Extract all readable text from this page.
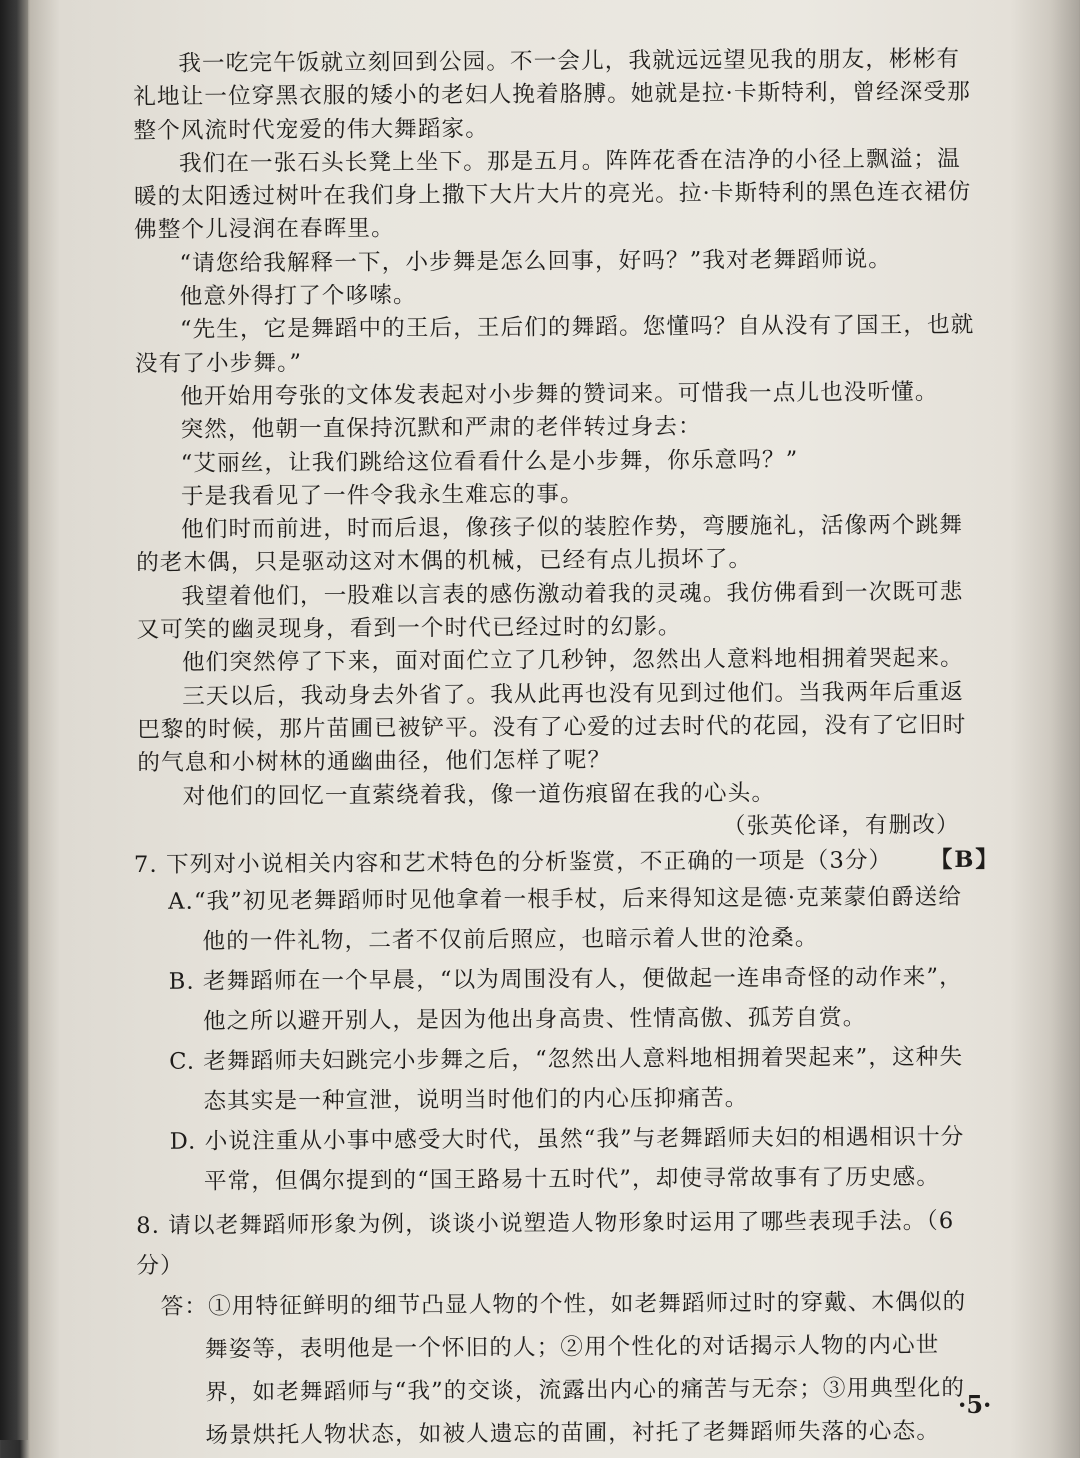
我一吃完午饭就立刻回到公园。不一会儿，我就远远望见我的朋友，彬彬有礼地让一位穿黑衣服的矮小的老妇人挽着胳膊。她就是拉·卡斯特利，曾经深受那整个风流时代宠爱的伟大舞蹈家。

我们在一张石头长凳上坐下。那是五月。阵阵花香在洁净的小径上飘溢；温暖的太阳透过树叶在我们身上撒下大片大片的亮光。拉·卡斯特利的黑色连衣裙仿佛整个儿浸润在春晖里。

“请您给我解释一下，小步舞是怎么回事，好吗？”我对老舞蹈师说。

他意外得打了个哆嗦。

“先生，它是舞蹈中的王后，王后们的舞蹈。您懂吗？自从没有了国王，也就没有了小步舞。”

他开始用夸张的文体发表起对小步舞的赞词来。可惜我一点儿也没听懂。

突然，他朝一直保持沉默和严肃的老伴转过身去：

“艾丽丝，让我们跳给这位看看什么是小步舞，你乐意吗？”

于是我看见了一件令我永生难忘的事。

他们时而前进，时而后退，像孩子似的装腔作势，弯腰施礼，活像两个跳舞的老木偶，只是驱动这对木偶的机械，已经有点儿损坏了。

我望着他们，一股难以言表的感伤激动着我的灵魂。我仿佛看到一次既可悲又可笑的幽灵现身，看到一个时代已经过时的幻影。

他们突然停了下来，面对面伫立了几秒钟，忽然出人意料地相拥着哭起来。

三天以后，我动身去外省了。我从此再也没有见到过他们。当我两年后重返巴黎的时候，那片苗圃已被铲平。没有了心爱的过去时代的花园，没有了它旧时的气息和小树林的通幽曲径，他们怎样了呢？

对他们的回忆一直萦绕着我，像一道伤痕留在我的心头。

（张英伦译，有删改）

7. 下列对小说相关内容和艺术特色的分析鉴赏，不正确的一项是（3分） 【B】

A.“我”初见老舞蹈师时见他拿着一根手杖，后来得知这是德·克莱蒙伯爵送给他的一件礼物，二者不仅前后照应，也暗示着人世的沧桑。

B. 老舞蹈师在一个早晨，“以为周围没有人，便做起一连串奇怪的动作来”，他之所以避开别人，是因为他出身高贵、性情高傲、孤芳自赏。

C. 老舞蹈师夫妇跳完小步舞之后，“忽然出人意料地相拥着哭起来”，这种失态其实是一种宣泄，说明当时他们的内心压抑痛苦。

D. 小说注重从小事中感受大时代，虽然“我”与老舞蹈师夫妇的相遇相识十分平常，但偶尔提到的“国王路易十五时代”，却使寻常故事有了历史感。

8. 请以老舞蹈师形象为例，谈谈小说塑造人物形象时运用了哪些表现手法。（6分）

答：①用特征鲜明的细节凸显人物的个性，如老舞蹈师过时的穿戴、木偶似的舞姿等，表明他是一个怀旧的人；②用个性化的对话揭示人物的内心世界，如老舞蹈师与“我”的交谈，流露出内心的痛苦与无奈；③用典型化的场景烘托人物状态，如被人遗忘的苗圃，衬托了老舞蹈师失落的心态。

·5·
